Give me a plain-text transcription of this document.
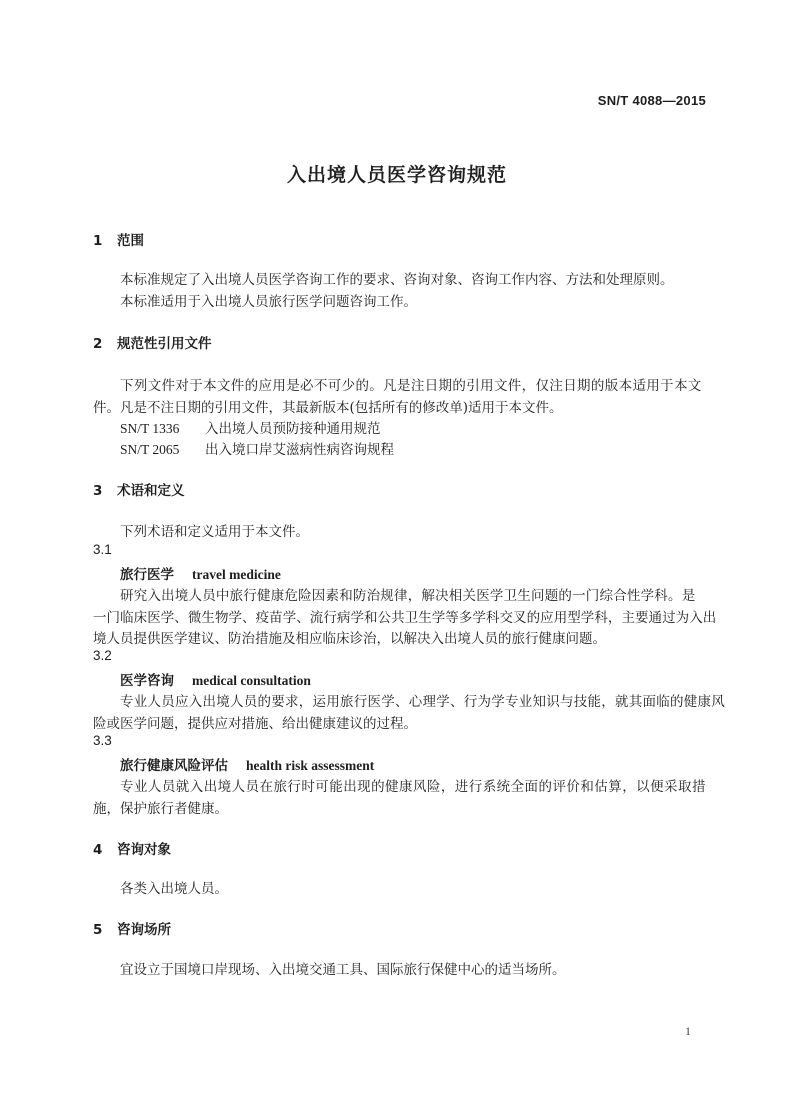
SN/T 4088—2015
入出境人员医学咨询规范
1 范围
本标准规定了入出境人员医学咨询工作的要求、咨询对象、咨询工作内容、方法和处理原则。
本标准适用于入出境人员旅行医学问题咨询工作。
2 规范性引用文件
下列文件对于本文件的应用是必不可少的。凡是注日期的引用文件，仅注日期的版本适用于本文
件。凡是不注日期的引用文件，其最新版本(包括所有的修改单)适用于本文件。
SN/T 1336 入出境人员预防接种通用规范
SN/T 2065 出入境口岸艾滋病性病咨询规程
3 术语和定义
下列术语和定义适用于本文件。
3.1
旅行医学 travel medicine
研究入出境人员中旅行健康危险因素和防治规律，解决相关医学卫生问题的一门综合性学科。是
一门临床医学、微生物学、疫苗学、流行病学和公共卫生学等多学科交叉的应用型学科，主要通过为入出
境人员提供医学建议、防治措施及相应临床诊治，以解决入出境人员的旅行健康问题。
3.2
医学咨询 medical consultation
专业人员应入出境人员的要求，运用旅行医学、心理学、行为学专业知识与技能，就其面临的健康风
险或医学问题，提供应对措施、给出健康建议的过程。
3.3
旅行健康风险评估 health risk assessment
专业人员就入出境人员在旅行时可能出现的健康风险，进行系统全面的评价和估算，以便采取措
施，保护旅行者健康。
4 咨询对象
各类入出境人员。
5 咨询场所
宜设立于国境口岸现场、入出境交通工具、国际旅行保健中心的适当场所。
1
